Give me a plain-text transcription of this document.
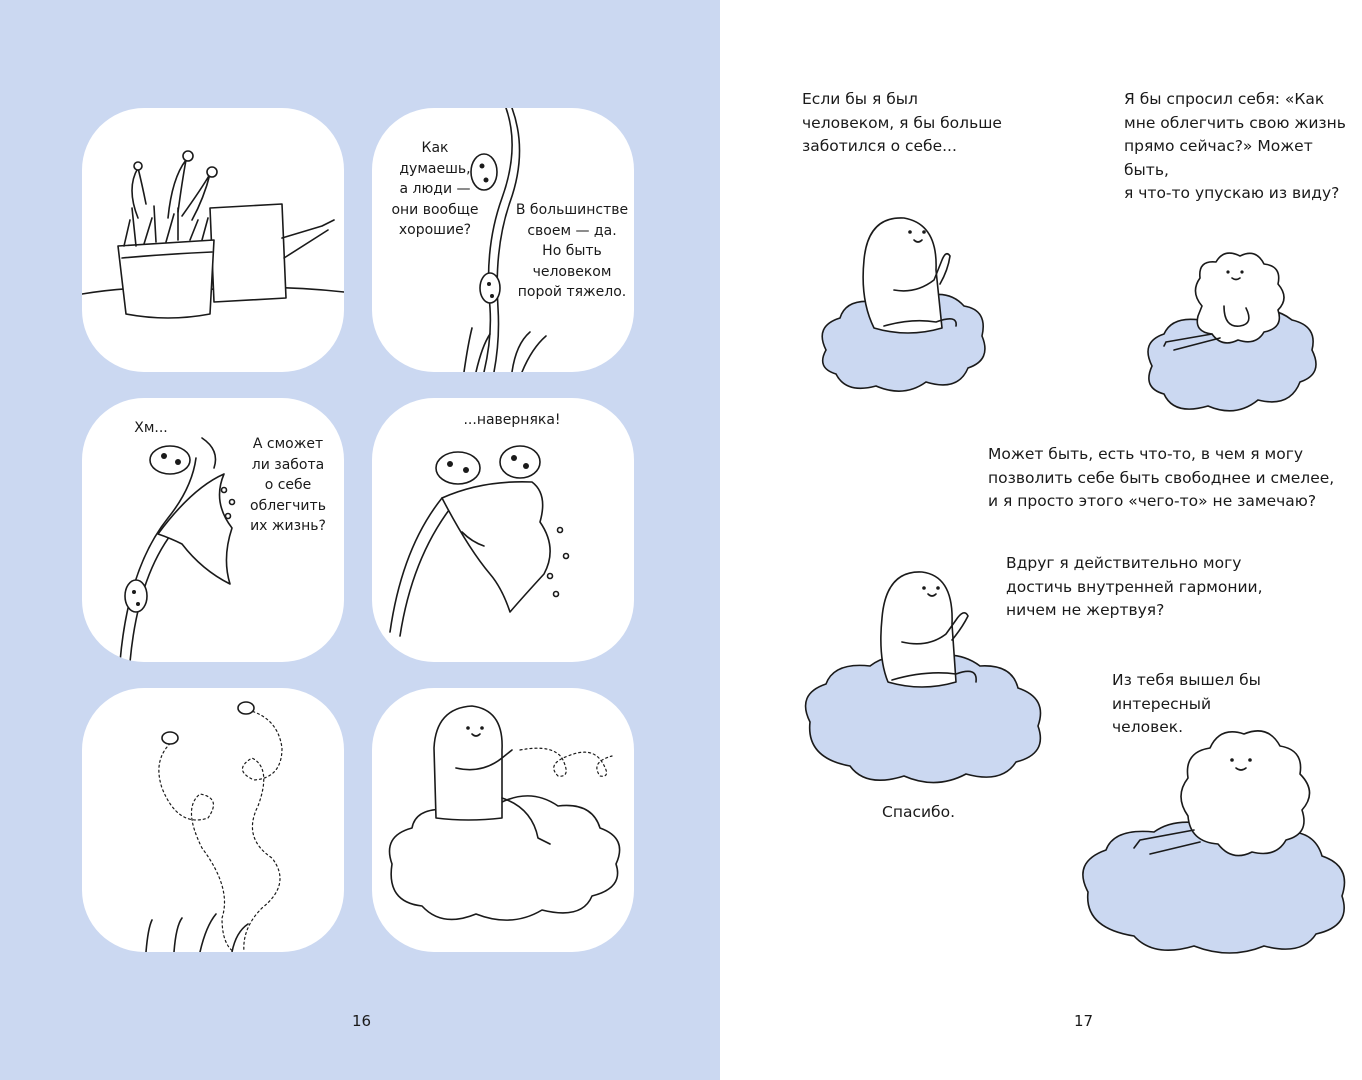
Как
думаешь,
а люди —
они вообще
хорошие?
В большинстве
своем — да.
Но быть
человеком
порой тяжело.
Хм...
А сможет
ли забота
о себе
облегчить
их жизнь?
...наверняка!
16
Если бы я был
человеком, я бы больше
заботился о себе...
Я бы спросил себя: «Как
мне облегчить свою жизнь
прямо сейчас?» Может быть,
я что-то упускаю из виду?
Может быть, есть что-то, в чем я могу
позволить себе быть свободнее и смелее,
и я просто этого «чего-то» не замечаю?
Вдруг я действительно могу
достичь внутренней гармонии,
ничем не жертвуя?
Из тебя вышел бы
интересный
человек.
Спасибо.
17
